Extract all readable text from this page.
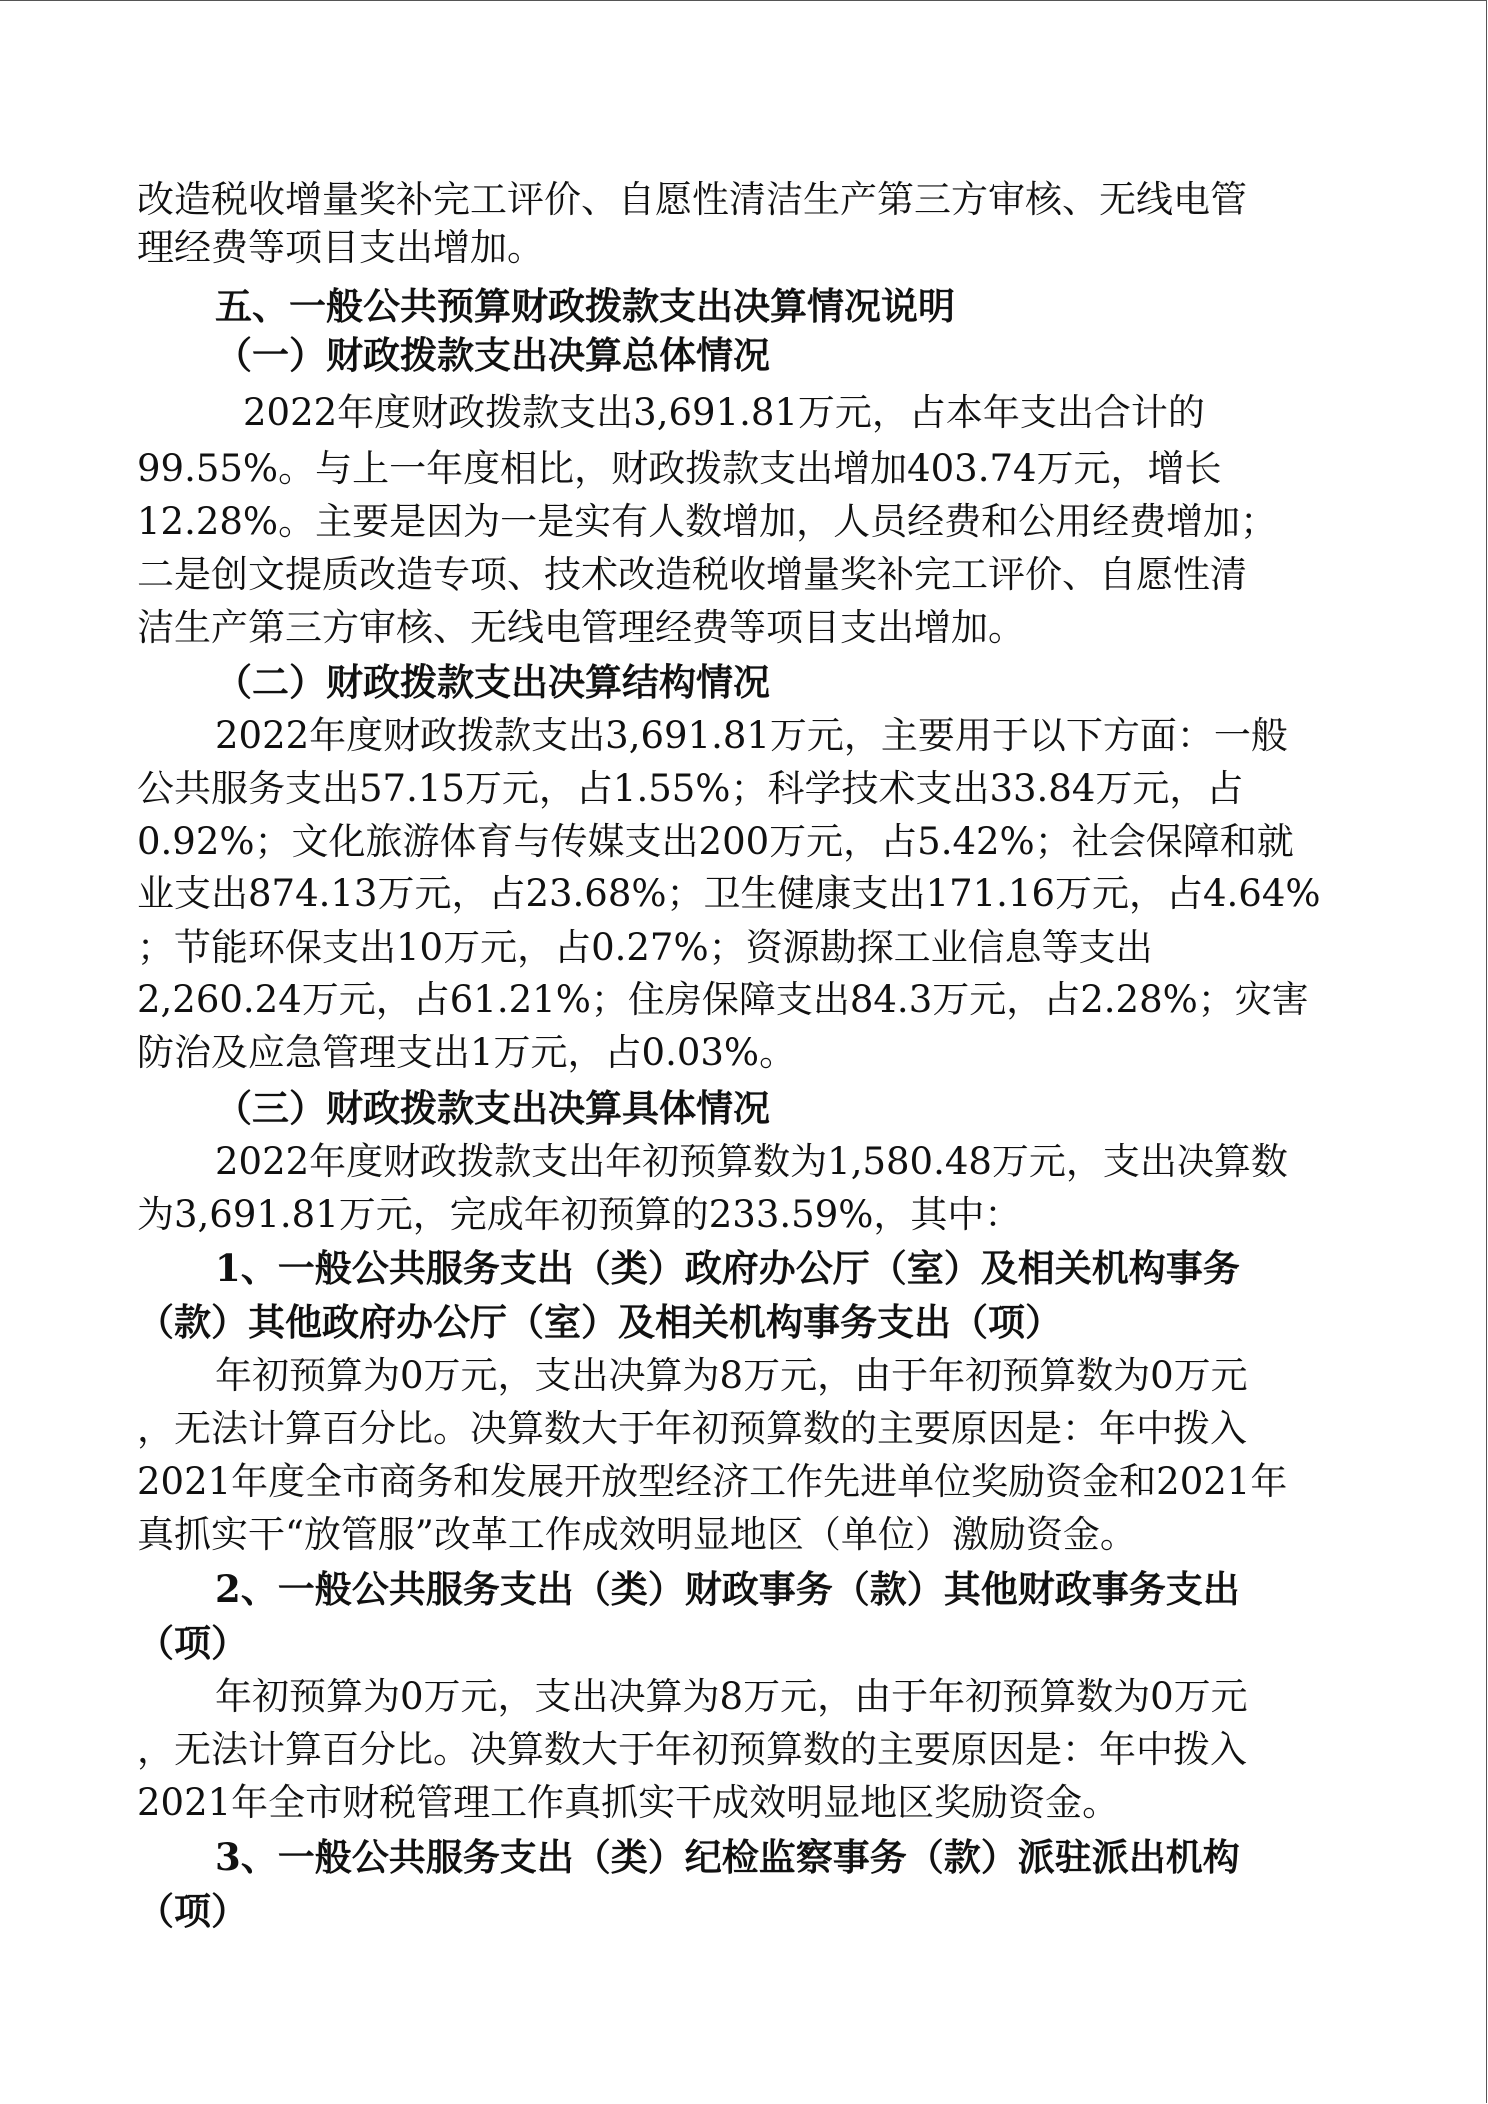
改造税收增量奖补完工评价、自愿性清洁生产第三方审核、无线电管
理经费等项目支出增加。
五、一般公共预算财政拨款支出决算情况说明
（一）财政拨款支出决算总体情况
2022年度财政拨款支出3,691.81万元，占本年支出合计的
99.55%。与上一年度相比，财政拨款支出增加403.74万元，增长
12.28%。主要是因为一是实有人数增加，人员经费和公用经费增加；
二是创文提质改造专项、技术改造税收增量奖补完工评价、自愿性清
洁生产第三方审核、无线电管理经费等项目支出增加。
（二）财政拨款支出决算结构情况
2022年度财政拨款支出3,691.81万元，主要用于以下方面：一般
公共服务支出57.15万元，占1.55%；科学技术支出33.84万元，占
0.92%；文化旅游体育与传媒支出200万元，占5.42%；社会保障和就
业支出874.13万元，占23.68%；卫生健康支出171.16万元，占4.64%
；节能环保支出10万元，占0.27%；资源勘探工业信息等支出
2,260.24万元，占61.21%；住房保障支出84.3万元，占2.28%；灾害
防治及应急管理支出1万元，占0.03%。
（三）财政拨款支出决算具体情况
2022年度财政拨款支出年初预算数为1,580.48万元，支出决算数
为3,691.81万元，完成年初预算的233.59%，其中：
1、一般公共服务支出（类）政府办公厅（室）及相关机构事务
（款）其他政府办公厅（室）及相关机构事务支出（项）
年初预算为0万元，支出决算为8万元，由于年初预算数为0万元
，无法计算百分比。决算数大于年初预算数的主要原因是：年中拨入
2021年度全市商务和发展开放型经济工作先进单位奖励资金和2021年
真抓实干“放管服”改革工作成效明显地区（单位）激励资金。
2、一般公共服务支出（类）财政事务（款）其他财政事务支出
（项）
年初预算为0万元，支出决算为8万元，由于年初预算数为0万元
，无法计算百分比。决算数大于年初预算数的主要原因是：年中拨入
2021年全市财税管理工作真抓实干成效明显地区奖励资金。
3、一般公共服务支出（类）纪检监察事务（款）派驻派出机构
（项）
